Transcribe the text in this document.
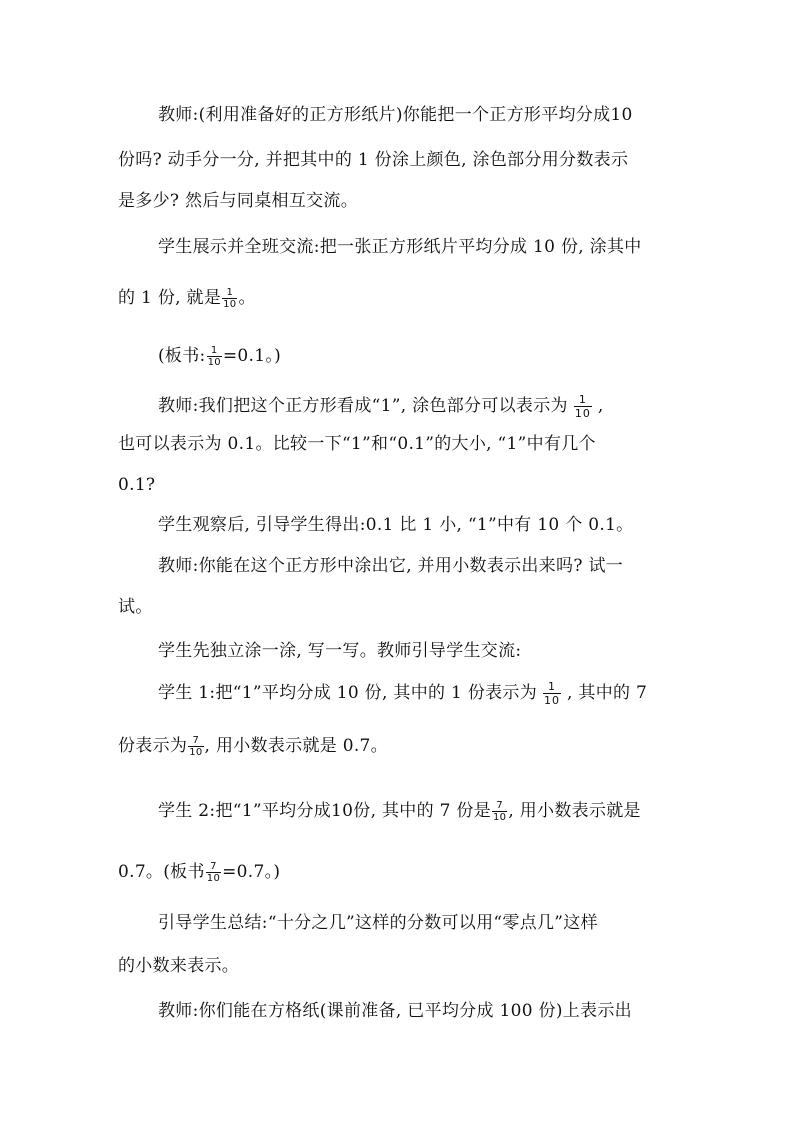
教师:(利用准备好的正方形纸片)你能把一个正方形平均分成10
份吗? 动手分一分, 并把其中的 1 份涂上颜色, 涂色部分用分数表示
是多少? 然后与同桌相互交流。
学生展示并全班交流:把一张正方形纸片平均分成 10 份, 涂其中
的 1 份, 就是 $\frac{1}{10}$ 。
(板书: $\frac{1}{10} =0.1$。)
教师:我们把这个正方形看成“1”, 涂色部分可以表示为 $\frac{1}{10}$ ,
也可以表示为 0.1。比较一下“1”和“0.1”的大小, “1”中有几个
0.1?
学生观察后, 引导学生得出:0.1 比 1 小, “1”中有 10 个 0.1。
教师:你能在这个正方形中涂出它, 并用小数表示出来吗? 试一
试。
学生先独立涂一涂, 写一写。教师引导学生交流:
学生 1:把“1”平均分成 10 份, 其中的 1 份表示为 $\frac{1}{10}$ , 其中的 7
份表示为 $\frac{7}{10}$ , 用小数表示就是 0.7。
学生 2:把“1”平均分成10份, 其中的 7 份是 $\frac{7}{10}$ , 用小数表示就是
0.7。(板书 $\frac{7}{10} =0.7$。)
引导学生总结:“十分之几”这样的分数可以用“零点几”这样
的小数来表示。
教师:你们能在方格纸(课前准备, 已平均分成 100 份)上表示出
